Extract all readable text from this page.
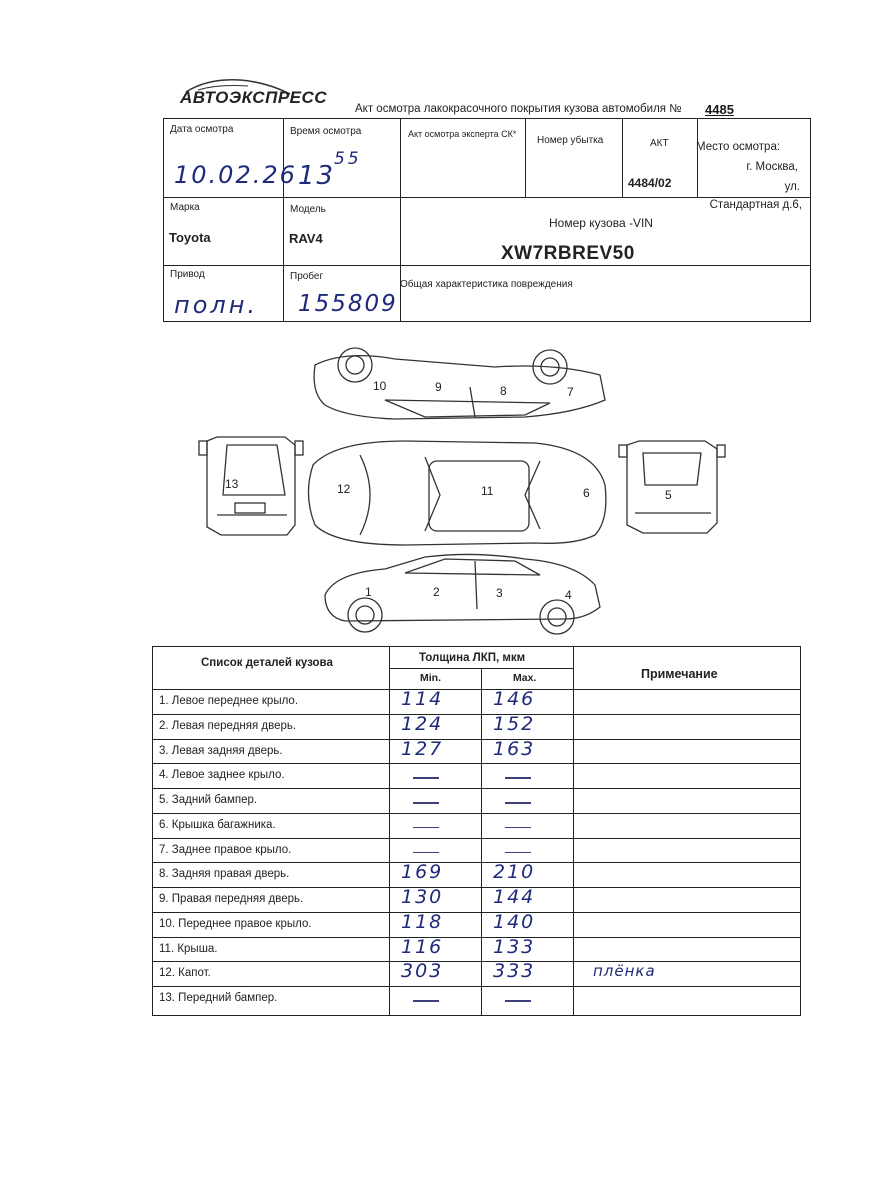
АВТОЭКСПРЕСС
Акт осмотра лакокрасочного покрытия кузова автомобиля № 4485
Дата осмотра
10.02.26
Время осмотра
13
55
Акт осмотра эксперта СК*
Номер убытка	АКТ
4484/02
Место осмотра:
г. Москва,
ул.
Стандартная д.6,
Марка
Toyota
Модель
RAV4
Номер кузова -VIN
XW7RBREV50
Привод
полн.
Пробег
155809
Общая характеристика повреждения
1	2	3	4
5
6
7
8
9
10
11
12
13
Список деталей кузова	Толщина ЛКП, мкм
Min.	Max.	Примечание
1. Левое переднее крыло.	114	146
2. Левая передняя дверь.	124	152
3. Левая задняя дверь.	127	163
4. Левое заднее крыло.
5. Задний бампер.
6. Крышка багажника.
7. Заднее правое крыло.
8. Задняя правая дверь.	169	210
9. Правая передняя дверь.	130	144
10. Переднее правое крыло.	118	140
11. Крыша.	116	133
12. Капот.	303	333	плёнка
13. Передний бампер.
